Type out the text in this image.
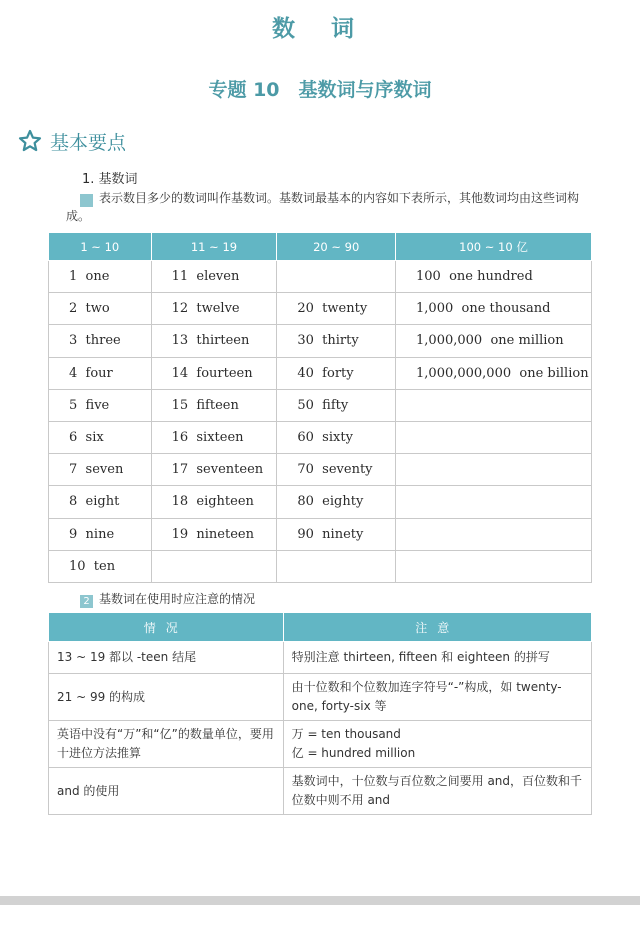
数 词
专题 10　基数词与序数词
基本要点
1. 基数词
1表示数目多少的数词叫作基数词。基数词最基本的内容如下表所示，其他数词均由这些词构成。
1 ~ 10	11 ~ 19	20 ~ 90	100 ~ 10 亿
1  one	11  eleven		100  one hundred
2  two	12  twelve	20  twenty	1,000  one thousand
3  three	13  thirteen	30  thirty	1,000,000  one million
4  four	14  fourteen	40  forty	1,000,000,000  one billion
5  five	15  fifteen	50  fifty	
6  six	16  sixteen	60  sixty	
7  seven	17  seventeen	70  seventy	
8  eight	18  eighteen	80  eighty	
9  nine	19  nineteen	90  ninety	
10  ten			
2 基数词在使用时应注意的情况
情况	注意
13 ~ 19 都以 -teen 结尾	特别注意 thirteen, fifteen 和 eighteen 的拼写
21 ~ 99 的构成	由十位数和个位数加连字符号“-”构成，如 twenty-one, forty-six 等
英语中没有“万”和“亿”的数量单位，要用十进位方法推算	万 = ten thousand
亿 = hundred million
and 的使用	基数词中，十位数与百位数之间要用 and，百位数和千位数中则不用 and
